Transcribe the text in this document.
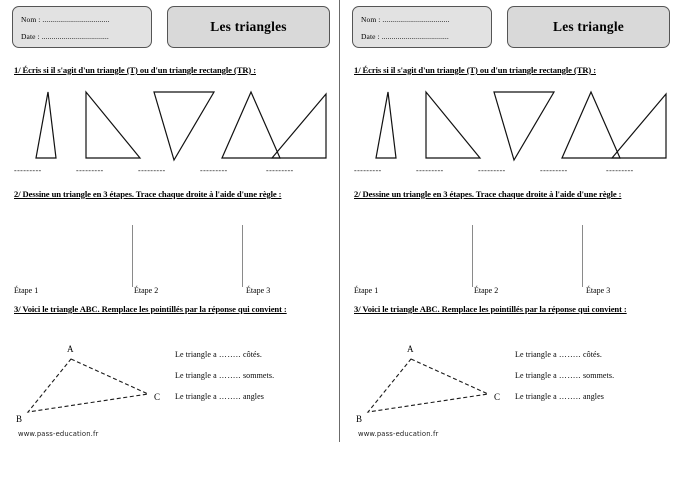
Nom : ..................................
Date : ..................................
Les triangles
1/ Écris si il s'agit d'un triangle (T) ou d'un triangle rectangle (TR) :
---------	---------	---------	---------	---------
2/ Dessine un triangle en 3 étapes. Trace chaque droite à l'aide d'une règle :
Étape 1	Étape 2	Étape 3
3/ Voici le triangle ABC. Remplace les pointillés par la réponse qui convient :
A
B
C
Le triangle a …….. côtés.
Le triangle a …….. sommets.
Le triangle a …….. angles
www.pass-education.fr
Nom : ..................................
Date : ..................................
Les triangle
1/ Écris si il s'agit d'un triangle (T) ou d'un triangle rectangle (TR) :
---------	---------	---------	---------	---------
2/ Dessine un triangle en 3 étapes. Trace chaque droite à l'aide d'une règle :
Étape 1	Étape 2	Étape 3
3/ Voici le triangle ABC. Remplace les pointillés par la réponse qui convient :
A
B
C
Le triangle a …….. côtés.
Le triangle a …….. sommets.
Le triangle a …….. angles
www.pass-education.fr
